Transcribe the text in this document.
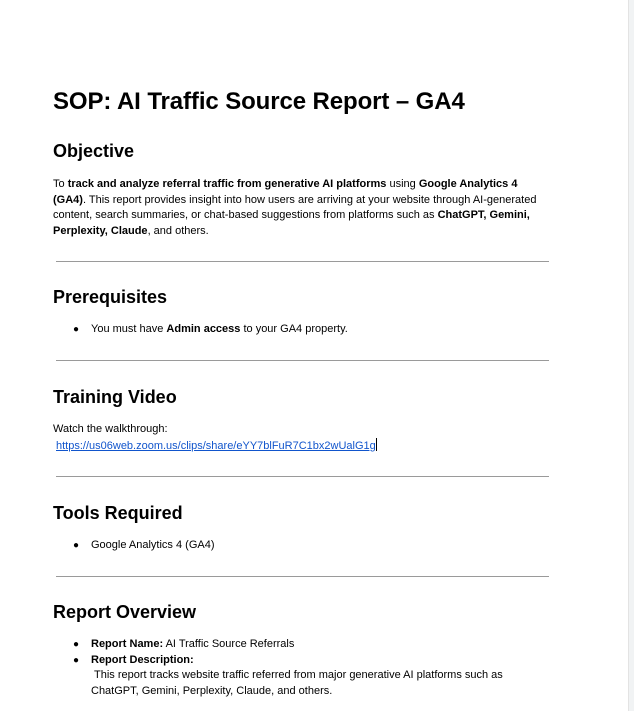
SOP: AI Traffic Source Report – GA4
Objective

To track and analyze referral traffic from generative AI platforms using Google Analytics 4 (GA4). This report provides insight into how users are arriving at your website through AI-generated content, search summaries, or chat-based suggestions from platforms such as ChatGPT, Gemini, Perplexity, Claude, and others.

Prerequisites
● You must have Admin access to your GA4 property.
Training Video

Watch the walkthrough:
https://us06web.zoom.us/clips/share/eYY7blFuR7C1bx2wUalG1g

Tools Required
● Google Analytics 4 (GA4)
Report Overview
● Report Name: AI Traffic Source Referrals
● Report Description:
This report tracks website traffic referred from major generative AI platforms such as ChatGPT, Gemini, Perplexity, Claude, and others.
